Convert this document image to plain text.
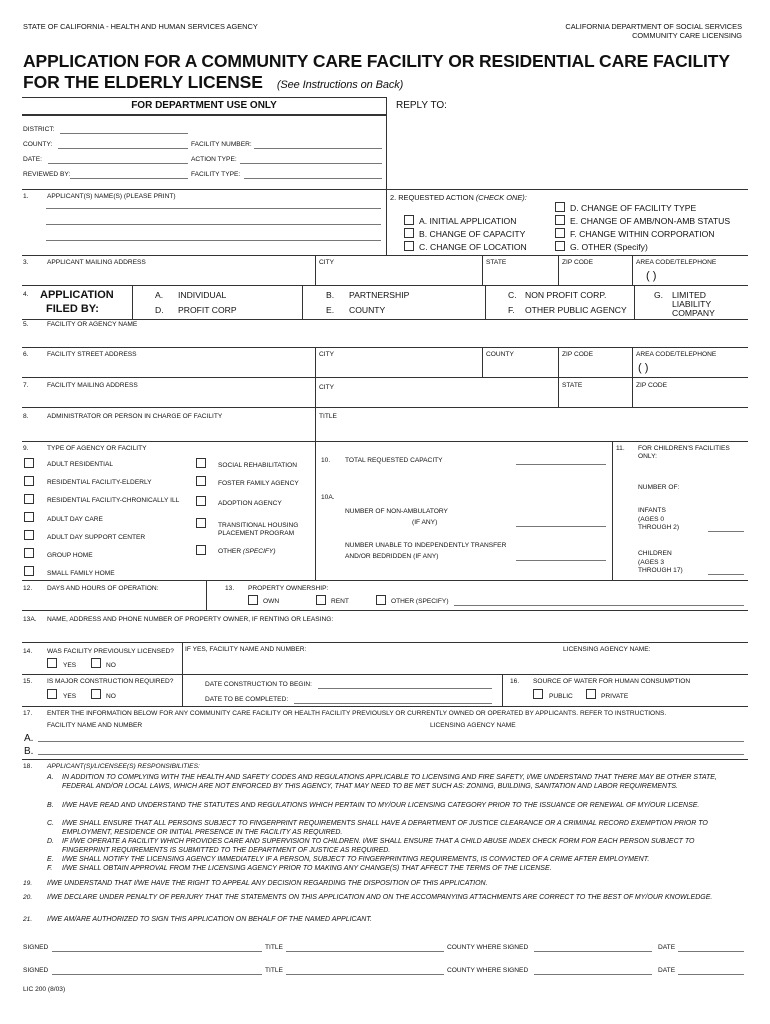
STATE OF CALIFORNIA - HEALTH AND HUMAN SERVICES AGENCY	CALIFORNIA DEPARTMENT OF SOCIAL SERVICES
COMMUNITY CARE LICENSING
APPLICATION FOR A COMMUNITY CARE FACILITY OR RESIDENTIAL CARE FACILITY
FOR THE ELDERLY LICENSE (See Instructions on Back)
FOR DEPARTMENT USE ONLY	REPLY TO:
DISTRICT:
COUNTY:	FACILITY NUMBER:
DATE:	ACTION TYPE:
REVIEWED BY:	FACILITY TYPE:
1.	APPLICANT(S) NAME(S) (PLEASE PRINT)	2. REQUESTED ACTION (CHECK ONE):
A. INITIAL APPLICATION
B. CHANGE OF CAPACITY
C. CHANGE OF LOCATION
D. CHANGE OF FACILITY TYPE
E. CHANGE OF AMB/NON-AMB STATUS
F. CHANGE WITHIN CORPORATION
G. OTHER (Specify)
3.	APPLICANT MAILING ADDRESS	CITY	STATE	ZIP CODE	AREA CODE/TELEPHONE
( )
4. APPLICATION
FILED BY:
A. INDIVIDUAL
D. PROFIT CORP
B. PARTNERSHIP
E. COUNTY
C. NON PROFIT CORP.
F. OTHER PUBLIC AGENCY
G. LIMITED
LIABILITY
COMPANY
5.	FACILITY OR AGENCY NAME
6.	FACILITY STREET ADDRESS	CITY	COUNTY	ZIP CODE	AREA CODE/TELEPHONE
( )
7.	FACILITY MAILING ADDRESS	CITY	STATE	ZIP CODE
8.	ADMINISTRATOR OR PERSON IN CHARGE OF FACILITY	TITLE
9.	TYPE OF AGENCY OR FACILITY
ADULT RESIDENTIAL
RESIDENTIAL FACILITY-ELDERLY
RESIDENTIAL FACILITY-CHRONICALLY ILL
ADULT DAY CARE
ADULT DAY SUPPORT CENTER
GROUP HOME
SMALL FAMILY HOME
SOCIAL REHABILITATION
FOSTER FAMILY AGENCY
ADOPTION AGENCY
TRANSITIONAL HOUSING
PLACEMENT PROGRAM
OTHER (SPECIFY)
10. TOTAL REQUESTED CAPACITY
10A.
NUMBER OF NON-AMBULATORY
(IF ANY)
NUMBER UNABLE TO INDEPENDENTLY TRANSFER
AND/OR BEDRIDDEN (IF ANY)
11. FOR CHILDREN'S FACILITIES
ONLY:
NUMBER OF:
INFANTS
(AGES 0
THROUGH 2)
CHILDREN
(AGES 3
THROUGH 17)
12. DAYS AND HOURS OF OPERATION:	13. PROPERTY OWNERSHIP:
OWN	RENT	OTHER (SPECIFY)
13A. NAME, ADDRESS AND PHONE NUMBER OF PROPERTY OWNER, IF RENTING OR LEASING:
14. WAS FACILITY PREVIOUSLY LICENSED?
YES	NO
IF YES, FACILITY NAME AND NUMBER:	LICENSING AGENCY NAME:
15. IS MAJOR CONSTRUCTION REQUIRED?
YES	NO
DATE CONSTRUCTION TO BEGIN:
DATE TO BE COMPLETED:
16. SOURCE OF WATER FOR HUMAN CONSUMPTION
PUBLIC	PRIVATE
17. ENTER THE INFORMATION BELOW FOR ANY COMMUNITY CARE FACILITY OR HEALTH FACILITY PREVIOUSLY OR CURRENTLY OWNED OR OPERATED BY APPLICANTS. REFER TO INSTRUCTIONS.
FACILITY NAME AND NUMBER	LICENSING AGENCY NAME
A.
B.
18. APPLICANT(S)/LICENSEE(S) RESPONSIBILITIES:
A. IN ADDITION TO COMPLYING WITH THE HEALTH AND SAFETY CODES AND REGULATIONS APPLICABLE TO LICENSING AND FIRE SAFETY, I/WE UNDERSTAND THAT THERE MAY BE OTHER STATE, FEDERAL AND/OR LOCAL LAWS, WHICH ARE NOT ENFORCED BY THIS AGENCY, THAT MAY NEED TO BE MET SUCH AS: ZONING, BUILDING, SANITATION AND LABOR REQUIREMENTS.
B. I/WE HAVE READ AND UNDERSTAND THE STATUTES AND REGULATIONS WHICH PERTAIN TO MY/OUR LICENSING CATEGORY PRIOR TO THE ISSUANCE OR RENEWAL OF MY/OUR LICENSE.
C. I/WE SHALL ENSURE THAT ALL PERSONS SUBJECT TO FINGERPRINT REQUIREMENTS SHALL HAVE A DEPARTMENT OF JUSTICE CLEARANCE OR A CRIMINAL RECORD EXEMPTION PRIOR TO EMPLOYMENT, RESIDENCE OR INITIAL PRESENCE IN THE FACILITY AS REQUIRED.
D. IF I/WE OPERATE A FACILITY WHICH PROVIDES CARE AND SUPERVISION TO CHILDREN. I/WE SHALL ENSURE THAT A CHILD ABUSE INDEX CHECK FORM FOR EACH PERSON SUBJECT TO FINGERPRINT REQUIREMENTS IS SUBMITTED TO THE DEPARTMENT OF JUSTICE AS REQUIRED.
E. I/WE SHALL NOTIFY THE LICENSING AGENCY IMMEDIATELY IF A PERSON, SUBJECT TO FINGERPRINTING REQUIREMENTS, IS CONVICTED OF A CRIME AFTER EMPLOYMENT.
F. I/WE SHALL OBTAIN APPROVAL FROM THE LICENSING AGENCY PRIOR TO MAKING ANY CHANGE(S) THAT AFFECT THE TERMS OF THE LICENSE.
19. I/WE UNDERSTAND THAT I/WE HAVE THE RIGHT TO APPEAL ANY DECISION REGARDING THE DISPOSITION OF THIS APPLICATION.
20. I/WE DECLARE UNDER PENALTY OF PERJURY THAT THE STATEMENTS ON THIS APPLICATION AND ON THE ACCOMPANYING ATTACHMENTS ARE CORRECT TO THE BEST OF MY/OUR KNOWLEDGE.
21. I/WE AM/ARE AUTHORIZED TO SIGN THIS APPLICATION ON BEHALF OF THE NAMED APPLICANT.
SIGNED	TITLE	COUNTY WHERE SIGNED	DATE
SIGNED	TITLE	COUNTY WHERE SIGNED	DATE
LIC 200 (8/03)
